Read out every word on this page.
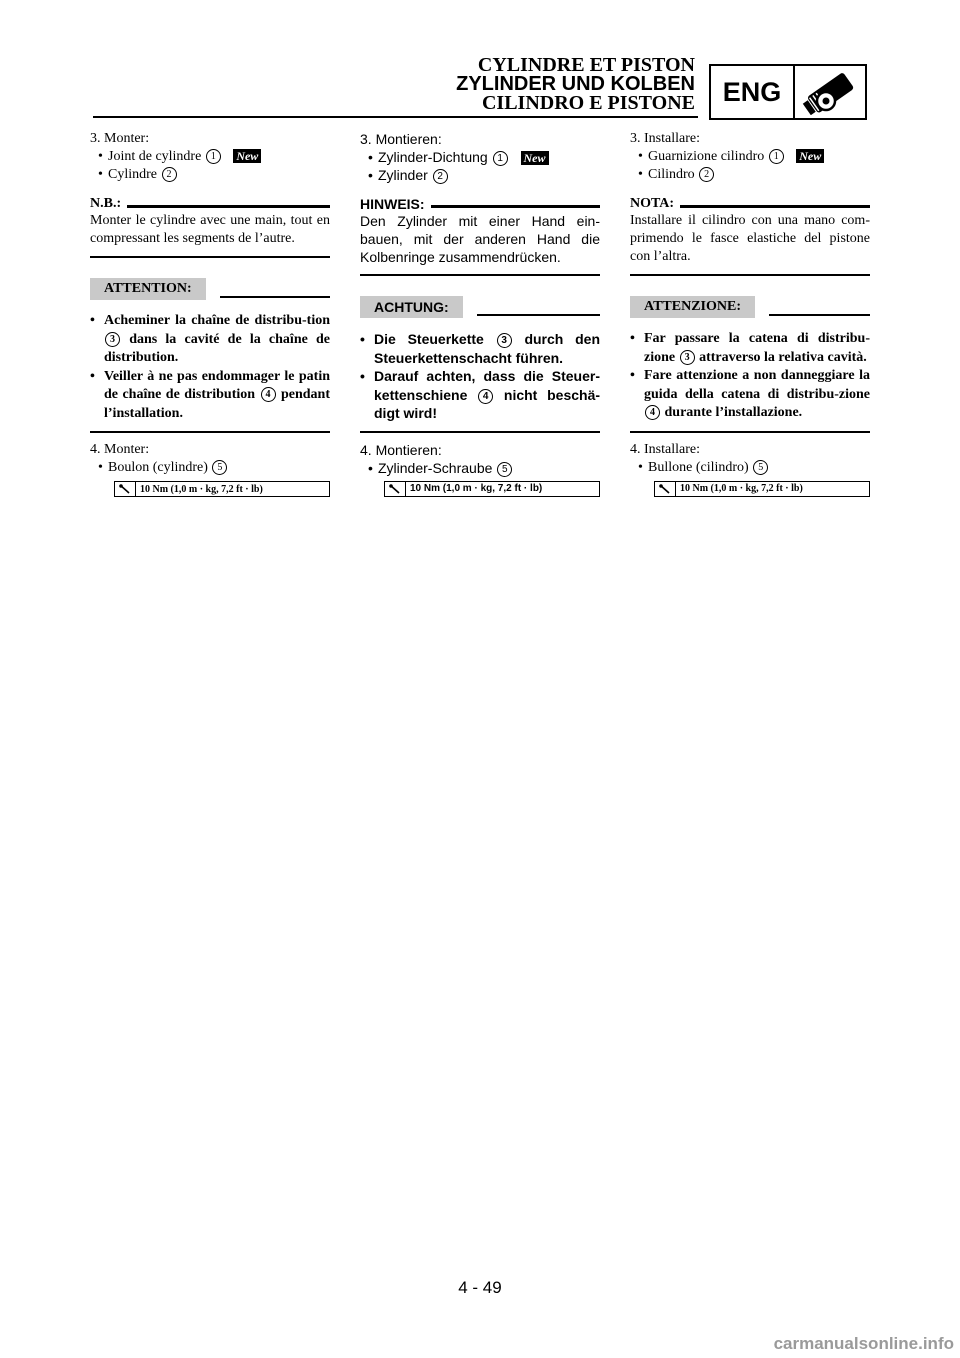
CYLINDRE ET PISTON
ZYLINDER UND KOLBEN
CILINDRO E PISTONE	ENG
3. Monter:
• Joint de cylindre 1 New
• Cylindre 2
N.B.:
Monter le cylindre avec une main, tout en compressant les segments de l’autre.
ATTENTION:
• Acheminer la chaîne de distribu-tion 3 dans la cavité de la chaîne de distribution.
• Veiller à ne pas endommager le patin de chaîne de distribution 4 pendant l’installation.
4. Monter:
• Boulon (cylindre) 5
10 Nm (1,0 m · kg, 7,2 ft · lb)
3. Montieren:
• Zylinder-Dichtung 1 New
• Zylinder 2
HINWEIS:
Den Zylinder mit einer Hand ein-bauen, mit der anderen Hand die Kolbenringe zusammendrücken.
ACHTUNG:
• Die Steuerkette 3 durch den Steuerkettenschacht führen.
• Darauf achten, dass die Steuer-kettenschiene 4 nicht beschä-digt wird!
4. Montieren:
• Zylinder-Schraube 5
10 Nm (1,0 m · kg, 7,2 ft · lb)
3. Installare:
• Guarnizione cilindro 1 New
• Cilindro 2
NOTA:
Installare il cilindro con una mano com-primendo le fasce elastiche del pistone con l’altra.
ATTENZIONE:
• Far passare la catena di distribu-zione 3 attraverso la relativa cavità.
• Fare attenzione a non danneggiare la guida della catena di distribu-zione 4 durante l’installazione.
4. Installare:
• Bullone (cilindro) 5
10 Nm (1,0 m · kg, 7,2 ft · lb)
4 - 49
carmanualsonline.info
